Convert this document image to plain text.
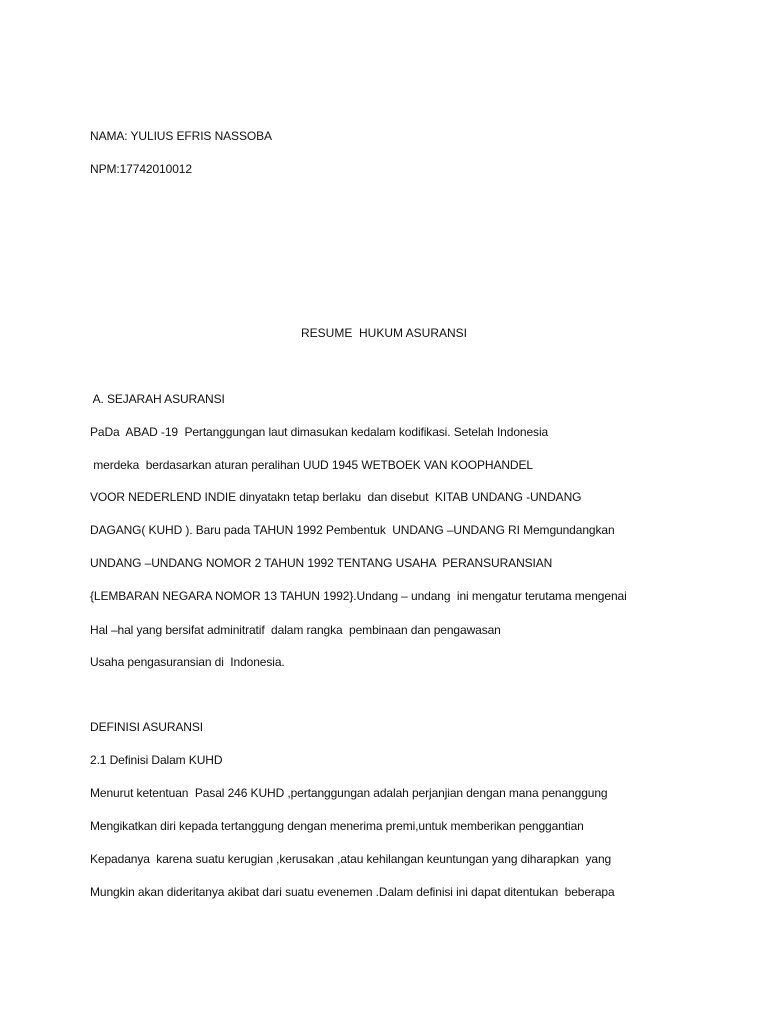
NAMA: YULIUS EFRIS NASSOBA
NPM:17742010012
RESUME  HUKUM ASURANSI
A. SEJARAH ASURANSI
PaDa  ABAD -19  Pertanggungan laut dimasukan kedalam kodifikasi. Setelah Indonesia
merdeka  berdasarkan aturan peralihan UUD 1945 WETBOEK VAN KOOPHANDEL
VOOR NEDERLEND INDIE dinyatakn tetap berlaku  dan disebut  KITAB UNDANG -UNDANG
DAGANG( KUHD ). Baru pada TAHUN 1992 Pembentuk  UNDANG –UNDANG RI Memgundangkan
UNDANG –UNDANG NOMOR 2 TAHUN 1992 TENTANG USAHA  PERANSURANSIAN
{LEMBARAN NEGARA NOMOR 13 TAHUN 1992}.Undang – undang  ini mengatur terutama mengenai
Hal –hal yang bersifat adminitratif  dalam rangka  pembinaan dan pengawasan
Usaha pengasuransian di  Indonesia.
DEFINISI ASURANSI
2.1 Definisi Dalam KUHD
Menurut ketentuan  Pasal 246 KUHD ,pertanggungan adalah perjanjian dengan mana penanggung
Mengikatkan diri kepada tertanggung dengan menerima premi,untuk memberikan penggantian
Kepadanya  karena suatu kerugian ,kerusakan ,atau kehilangan keuntungan yang diharapkan  yang
Mungkin akan dideritanya akibat dari suatu evenemen .Dalam definisi ini dapat ditentukan  beberapa
